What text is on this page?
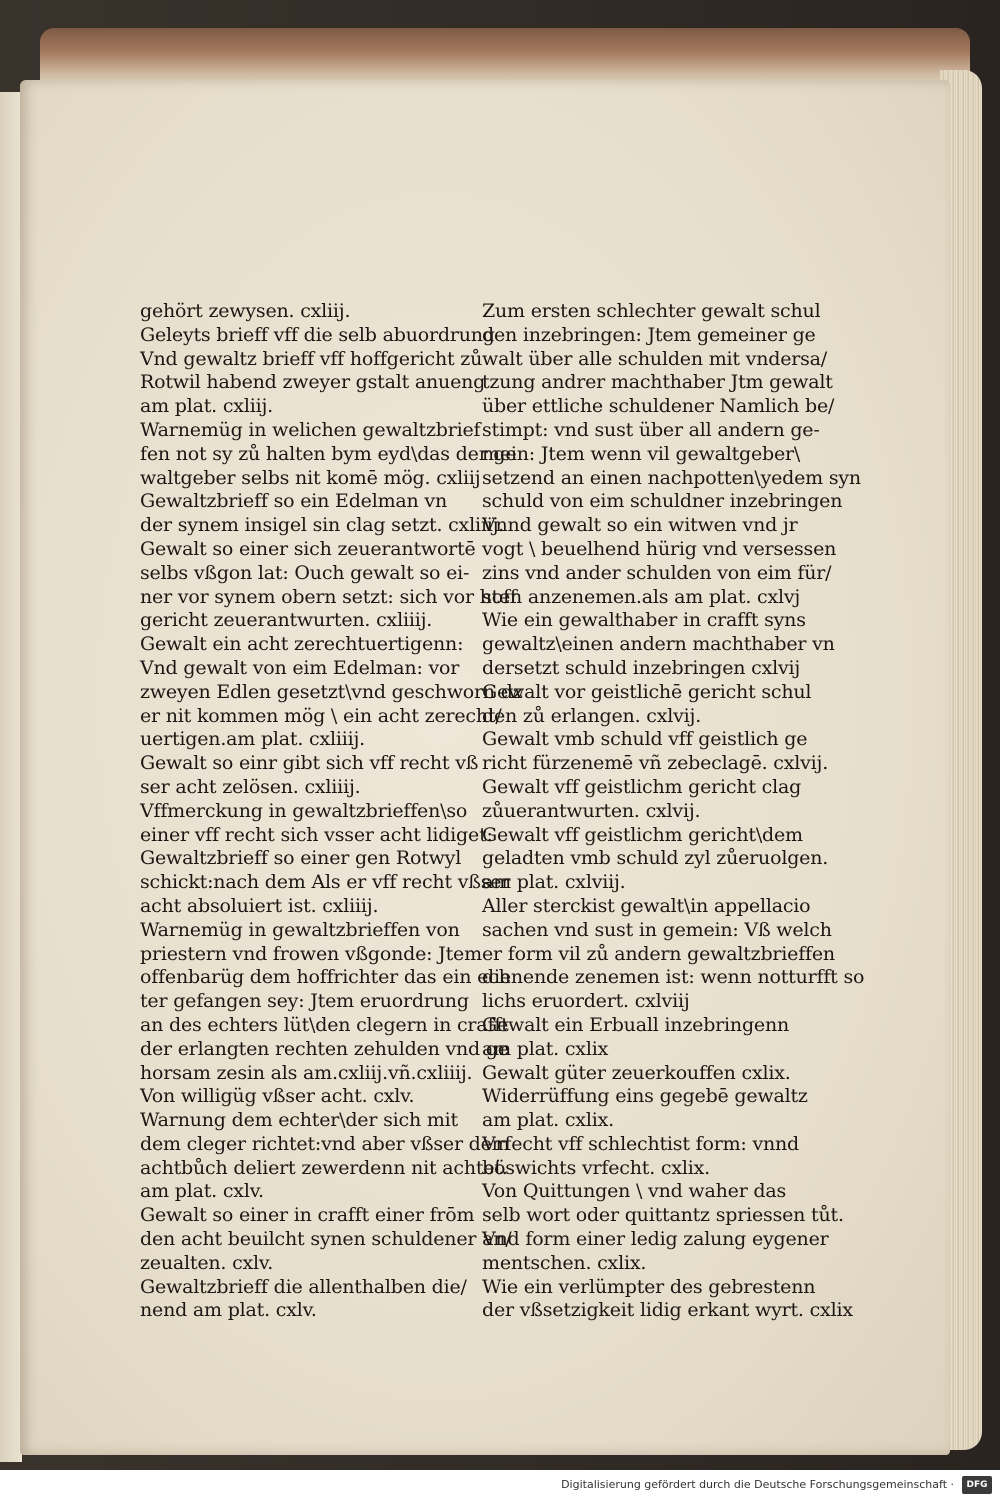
gehört zewysen. cxliij.
Geleyts brieff vff die selb abuordrung
Vnd gewaltz brieff vff hoffgericht zů
Rotwil habend zweyer gstalt anueng
am plat. cxliij.
Warnemüg in welichen gewaltzbrief
fen not sy zů halten bym eyd\das der ge
waltgeber selbs nit komē mög. cxliij
Gewaltzbrieff so ein Edelman vn
der synem insigel sin clag setzt. cxliiij.
Gewalt so einer sich zeuerantwortē
selbs vßgon lat: Ouch gewalt so ei-
ner vor synem obern setzt: sich vor hoff
gericht zeuerantwurten. cxliiij.
Gewalt ein acht zerechtuertigenn:
Vnd gewalt von eim Edelman: vor
zweyen Edlen gesetzt\vnd geschworn dz
er nit kommen mög \ ein acht zerecht/
uertigen.am plat. cxliiij.
Gewalt so einr gibt sich vff recht vß
ser acht zelösen. cxliiij.
Vffmerckung in gewaltzbrieffen\so
einer vff recht sich vsser acht lidiget:
Gewaltzbrieff so einer gen Rotwyl
schickt:nach dem Als er vff recht vßser
acht absoluiert ist. cxliiij.
Warnemüg in gewaltzbrieffen von
priestern vnd frowen vßgonde: Jtem
offenbarüg dem hoffrichter das ein ech
ter gefangen sey: Jtem eruordrung
an des echters lüt\den clegern in crafft
der erlangten rechten zehulden vnd ge
horsam zesin als am.cxliij.vñ.cxliiij.
Von willigüg vßser acht. cxlv.
Warnung dem echter\der sich mit
dem cleger richtet:vnd aber vßser dem
achtbůch deliert zewerdenn nit achtet.
am plat. cxlv.
Gewalt so einer in crafft einer frōm
den acht beuilcht synen schuldener an/
zeualten. cxlv.
Gewaltzbrieff die allenthalben die/
nend am plat. cxlv.
Zum ersten schlechter gewalt schul
den inzebringen: Jtem gemeiner ge
walt über alle schulden mit vndersa/
tzung andrer machthaber Jtm gewalt
über ettliche schuldener Namlich be/
stimpt: vnd sust über all andern ge-
mein: Jtem wenn vil gewaltgeber\
setzend an einen nachpotten\yedem syn
schuld von eim schuldner inzebringen
Vnnd gewalt so ein witwen vnd jr
vogt \ beuelhend hürig vnd versessen
zins vnd ander schulden von eim für/
sten anzenemen.als am plat. cxlvj
Wie ein gewalthaber in crafft syns
gewaltz\einen andern machthaber vn
dersetzt schuld inzebringen cxlvij
Gewalt vor geistlichē gericht schul
den zů erlangen. cxlvij.
Gewalt vmb schuld vff geistlich ge
richt fürzenemē vñ zebeclagē. cxlvij.
Gewalt vff geistlichm gericht clag
zůuerantwurten. cxlvij.
Gewalt vff geistlichm gericht\dem
geladten vmb schuld zyl zůeruolgen.
am plat. cxlviij.
Aller sterckist gewalt\in appellacio
sachen vnd sust in gemein: Vß welch
er form vil zů andern gewaltzbrieffen
dienende zenemen ist: wenn notturfft so
lichs eruordert. cxlviij
Gewalt ein Erbuall inzebringenn
am plat. cxlix
Gewalt güter zeuerkouffen cxlix.
Widerrüffung eins gegebē gewaltz
am plat. cxlix.
Vrfecht vff schlechtist form: vnnd
böswichts vrfecht. cxlix.
Von Quittungen \ vnd waher das
selb wort oder quittantz spriessen tůt.
Vnd form einer ledig zalung eygener
mentschen. cxlix.
Wie ein verlümpter des gebrestenn
der vßsetzigkeit lidig erkant wyrt. cxlix
Digitalisierung gefördert durch die Deutsche Forschungsgemeinschaft ·	DFG
